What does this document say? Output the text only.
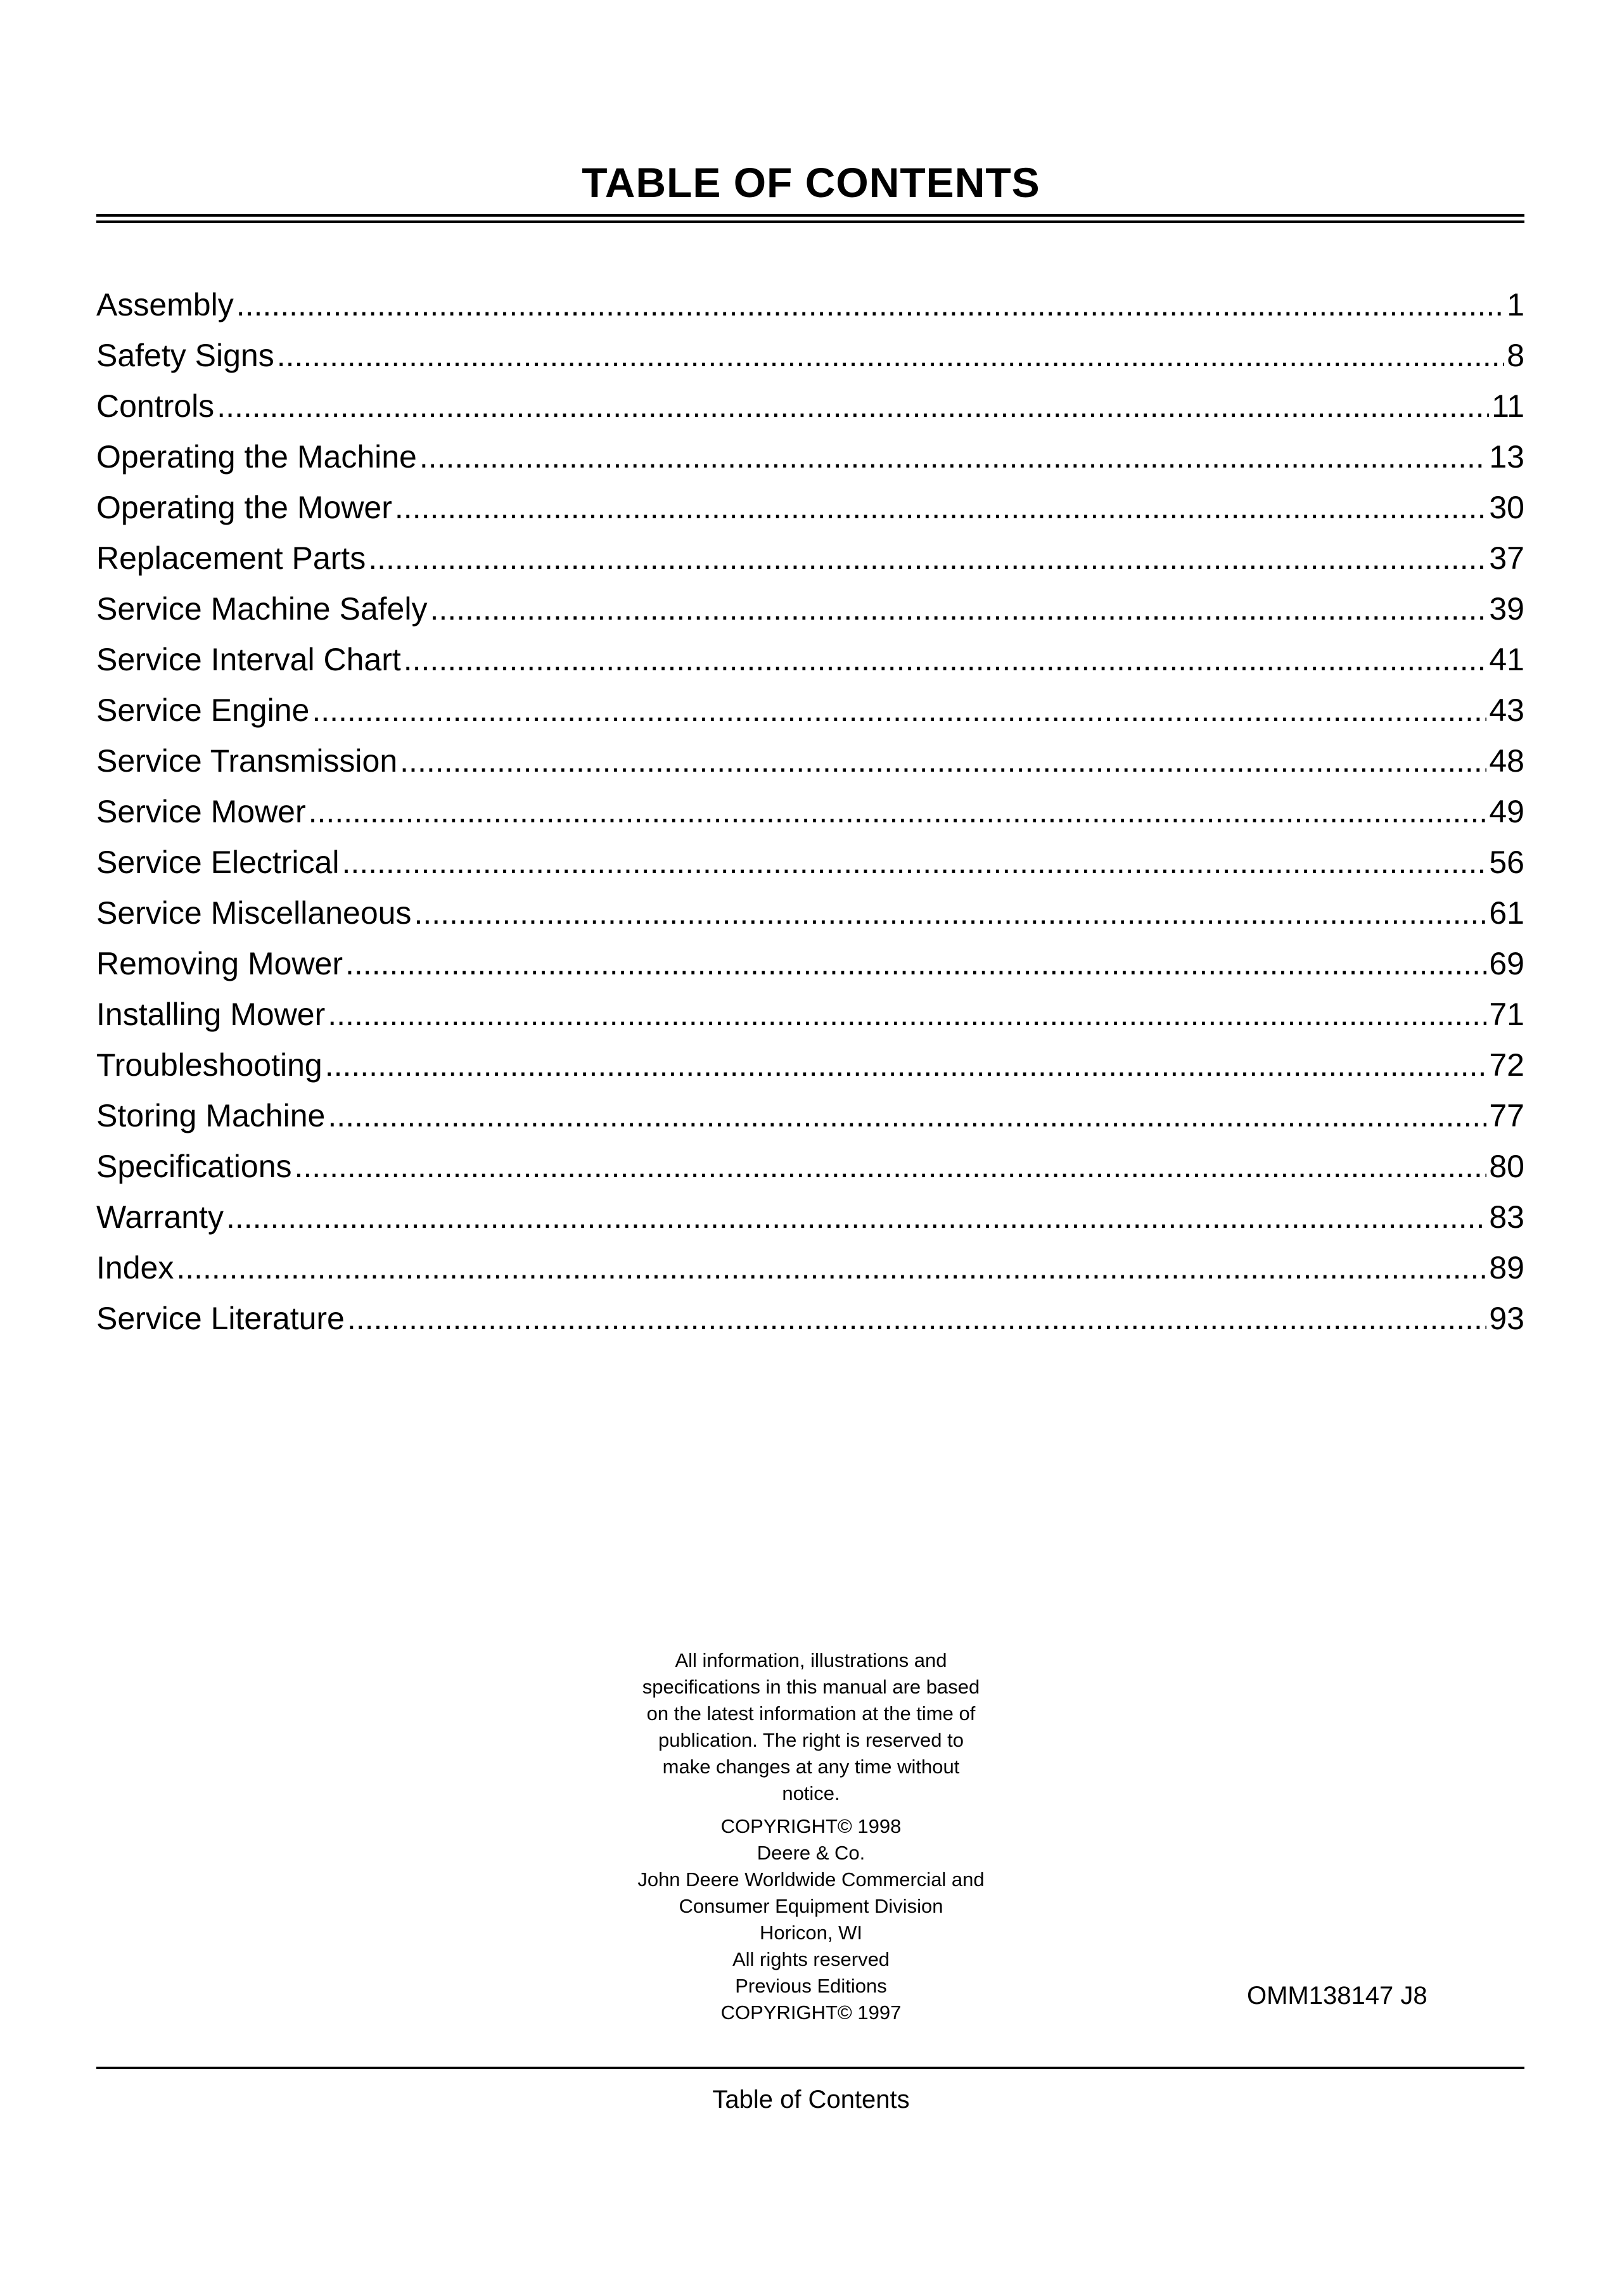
TABLE OF CONTENTS
Assembly .....	1
Safety Signs .....	8
Controls .....	11
Operating the Machine .....	13
Operating the Mower .....	30
Replacement Parts .....	37
Service Machine Safely .....	39
Service Interval Chart .....	41
Service Engine .....	43
Service Transmission .....	48
Service Mower .....	49
Service Electrical .....	56
Service Miscellaneous .....	61
Removing Mower .....	69
Installing Mower .....	71
Troubleshooting .....	72
Storing Machine .....	77
Specifications .....	80
Warranty .....	83
Index .....	89
Service Literature .....	93

All information, illustrations and

specifications in this manual are based

on the latest information at the time of

publication. The right is reserved to

make changes at any time without

notice.

COPYRIGHT© 1998

Deere & Co.

John Deere Worldwide Commercial and

Consumer Equipment Division

Horicon, WI

All rights reserved

Previous Editions

COPYRIGHT© 1997

OMM138147 J8
Table of Contents
